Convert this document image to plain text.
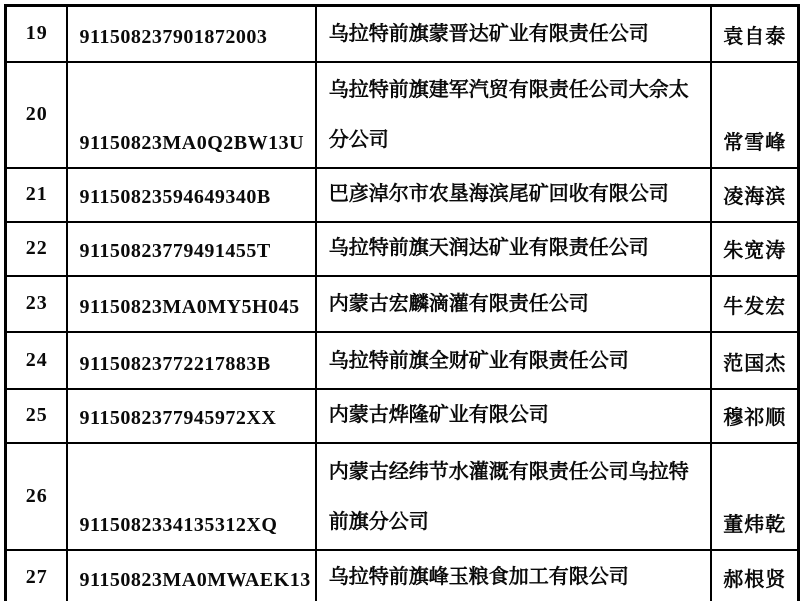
19	911508237901872003	乌拉特前旗蒙晋达矿业有限责任公司	袁自泰
20	91150823MA0Q2BW13U	乌拉特前旗建军汽贸有限责任公司大佘太分公司	常雪峰
21	91150823594649340B	巴彦淖尔市农垦海滨尾矿回收有限公司	凌海滨
22	91150823779491455T	乌拉特前旗天润达矿业有限责任公司	朱宽涛
23	91150823MA0MY5H045	内蒙古宏麟滴灌有限责任公司	牛发宏
24	91150823772217883B	乌拉特前旗全财矿业有限责任公司	范国杰
25	9115082377945972XX	内蒙古烨隆矿业有限公司	穆祁顺
26	9115082334135312XQ	内蒙古经纬节水灌溉有限责任公司乌拉特前旗分公司	董炜乾
27	91150823MA0MWAEK13	乌拉特前旗峰玉粮食加工有限公司	郝根贤
